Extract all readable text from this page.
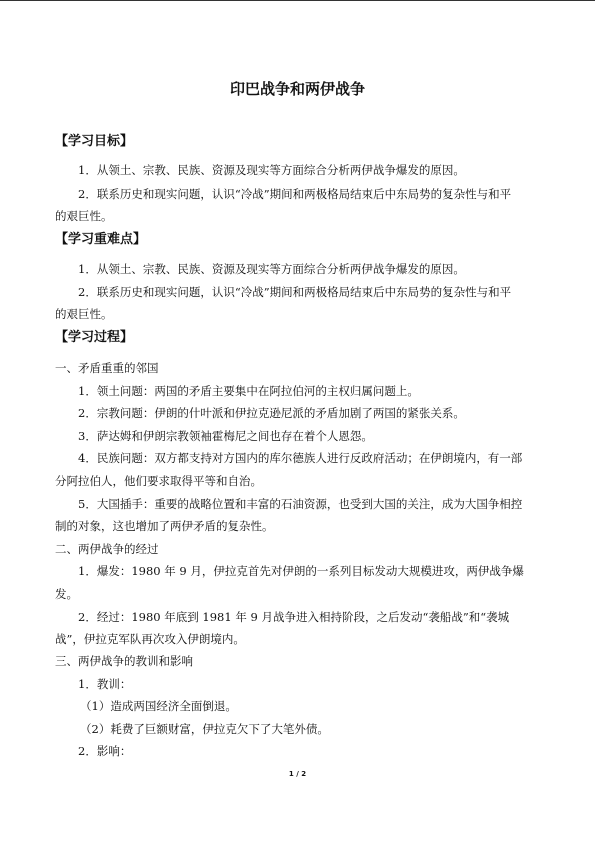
印巴战争和两伊战争
【学习目标】
1．从领土、宗教、民族、资源及现实等方面综合分析两伊战争爆发的原因。
2．联系历史和现实问题，认识“冷战”期间和两极格局结束后中东局势的复杂性与和平
的艰巨性。
【学习重难点】
1．从领土、宗教、民族、资源及现实等方面综合分析两伊战争爆发的原因。
2．联系历史和现实问题，认识“冷战”期间和两极格局结束后中东局势的复杂性与和平
的艰巨性。
【学习过程】
一、矛盾重重的邻国
1．领土问题：两国的矛盾主要集中在阿拉伯河的主权归属问题上。
2．宗教问题：伊朗的什叶派和伊拉克逊尼派的矛盾加剧了两国的紧张关系。
3．萨达姆和伊朗宗教领袖霍梅尼之间也存在着个人恩怨。
4．民族问题：双方都支持对方国内的库尔德族人进行反政府活动；在伊朗境内，有一部
分阿拉伯人，他们要求取得平等和自治。
5．大国插手：重要的战略位置和丰富的石油资源，也受到大国的关注，成为大国争相控
制的对象，这也增加了两伊矛盾的复杂性。
二、两伊战争的经过
1．爆发：1980 年 9 月，伊拉克首先对伊朗的一系列目标发动大规模进攻，两伊战争爆
发。
2．经过：1980 年底到 1981 年 9 月战争进入相持阶段，之后发动“袭船战”和“袭城
战”，伊拉克军队再次攻入伊朗境内。
三、两伊战争的教训和影响
1．教训：
（1）造成两国经济全面倒退。
（2）耗费了巨额财富，伊拉克欠下了大笔外债。
2．影响：
1 / 2
